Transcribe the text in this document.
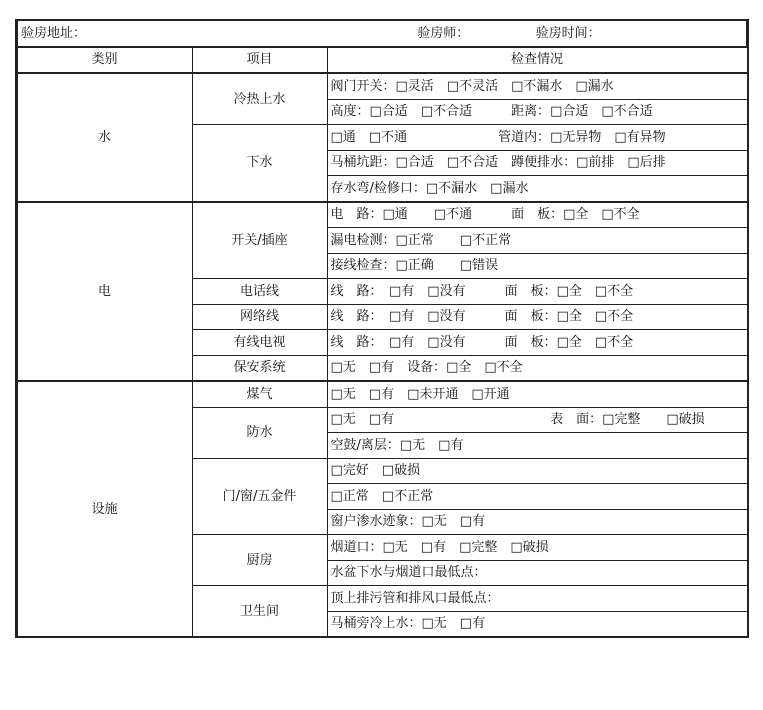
验房地址： 验房师： 验房时间：		
类别	项目	检查情况
水	冷热上水	阀门开关：□灵活　□不灵活　□不漏水　□漏水
		高度：□合适　□不合适　　　距离：□合适　□不合适
	下水	□通　□不通　　　　　　　管道内：□无异物　□有异物
		马桶坑距：□合适　□不合适　蹲便排水：□前排　□后排
		存水弯/检修口：□不漏水　□漏水
电	开关/插座	电　路：□通　　□不通　　　面　板：□全　□不全
		漏电检测：□正常　　□不正常
		接线检查：□正确　　□错误
	电话线	线　路：　□有　□没有　　　面　板：□全　□不全
	网络线	线　路：　□有　□没有　　　面　板：□全　□不全
	有线电视	线　路：　□有　□没有　　　面　板：□全　□不全
	保安系统	□无　□有　设备：□全　□不全
设施	煤气	□无　□有　□未开通　□开通
	防水	□无　□有　　　　　　　　　　　　表　面：□完整　　□破损
		空鼓/离层：□无　□有
	门/窗/五金件	□完好　□破损
		□正常　□不正常
		窗户渗水迹象：□无　□有
	厨房	烟道口：□无　□有　□完整　□破损
		水盆下水与烟道口最低点：
	卫生间	顶上排污管和排风口最低点：
		马桶旁冷上水：□无　□有
